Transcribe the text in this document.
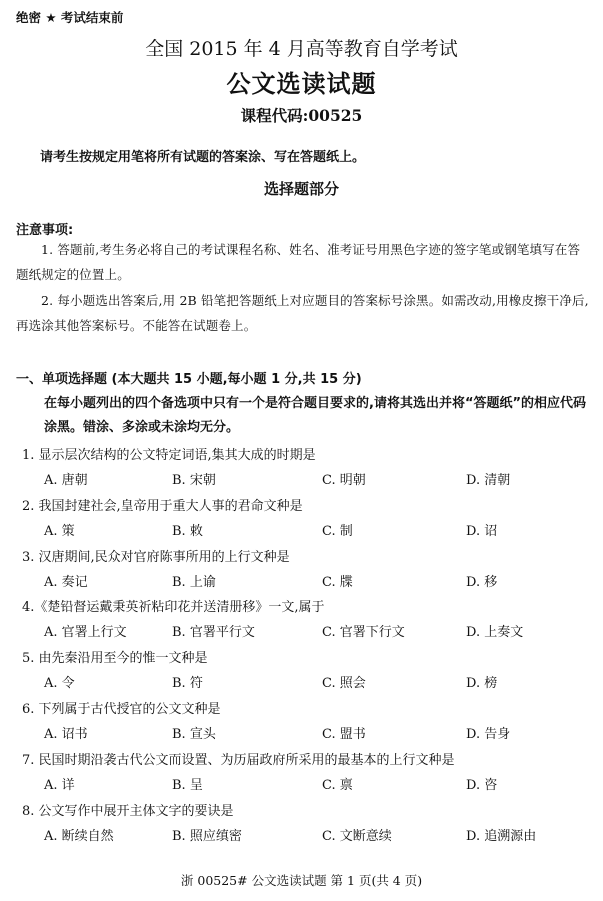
绝密 ★ 考试结束前
全国 2015 年 4 月高等教育自学考试
公文选读试题
课程代码:00525
请考生按规定用笔将所有试题的答案涂、写在答题纸上。
选择题部分
注意事项:
1. 答题前,考生务必将自己的考试课程名称、姓名、准考证号用黑色字迹的签字笔或钢笔填写在答题纸规定的位置上。
2. 每小题选出答案后,用 2B 铅笔把答题纸上对应题目的答案标号涂黑。如需改动,用橡皮擦干净后,再选涂其他答案标号。不能答在试题卷上。
一、单项选择题 (本大题共 15 小题,每小题 1 分,共 15 分)
在每小题列出的四个备选项中只有一个是符合题目要求的,请将其选出并将“答题纸”的相应代码涂黑。错涂、多涂或未涂均无分。
1. 显示层次结构的公文特定词语,集其大成的时期是
A. 唐朝	B. 宋朝	C. 明朝	D. 清朝
2. 我国封建社会,皇帝用于重大人事的君命文种是
A. 策	B. 敕	C. 制	D. 诏
3. 汉唐期间,民众对官府陈事所用的上行文种是
A. 奏记	B. 上谕	C. 牒	D. 移
4.《楚铅督运戴秉英祈粘印花并送清册移》一文,属于
A. 官署上行文	B. 官署平行文	C. 官署下行文	D. 上奏文
5. 由先秦沿用至今的惟一文种是
A. 令	B. 符	C. 照会	D. 榜
6. 下列属于古代授官的公文文种是
A. 诏书	B. 宣头	C. 盟书	D. 告身
7. 民国时期沿袭古代公文而设置、为历届政府所采用的最基本的上行文种是
A. 详	B. 呈	C. 禀	D. 咨
8. 公文写作中展开主体文字的要诀是
A. 断续自然	B. 照应缜密	C. 文断意续	D. 追溯源由
浙 00525# 公文选读试题 第 1 页(共 4 页)
